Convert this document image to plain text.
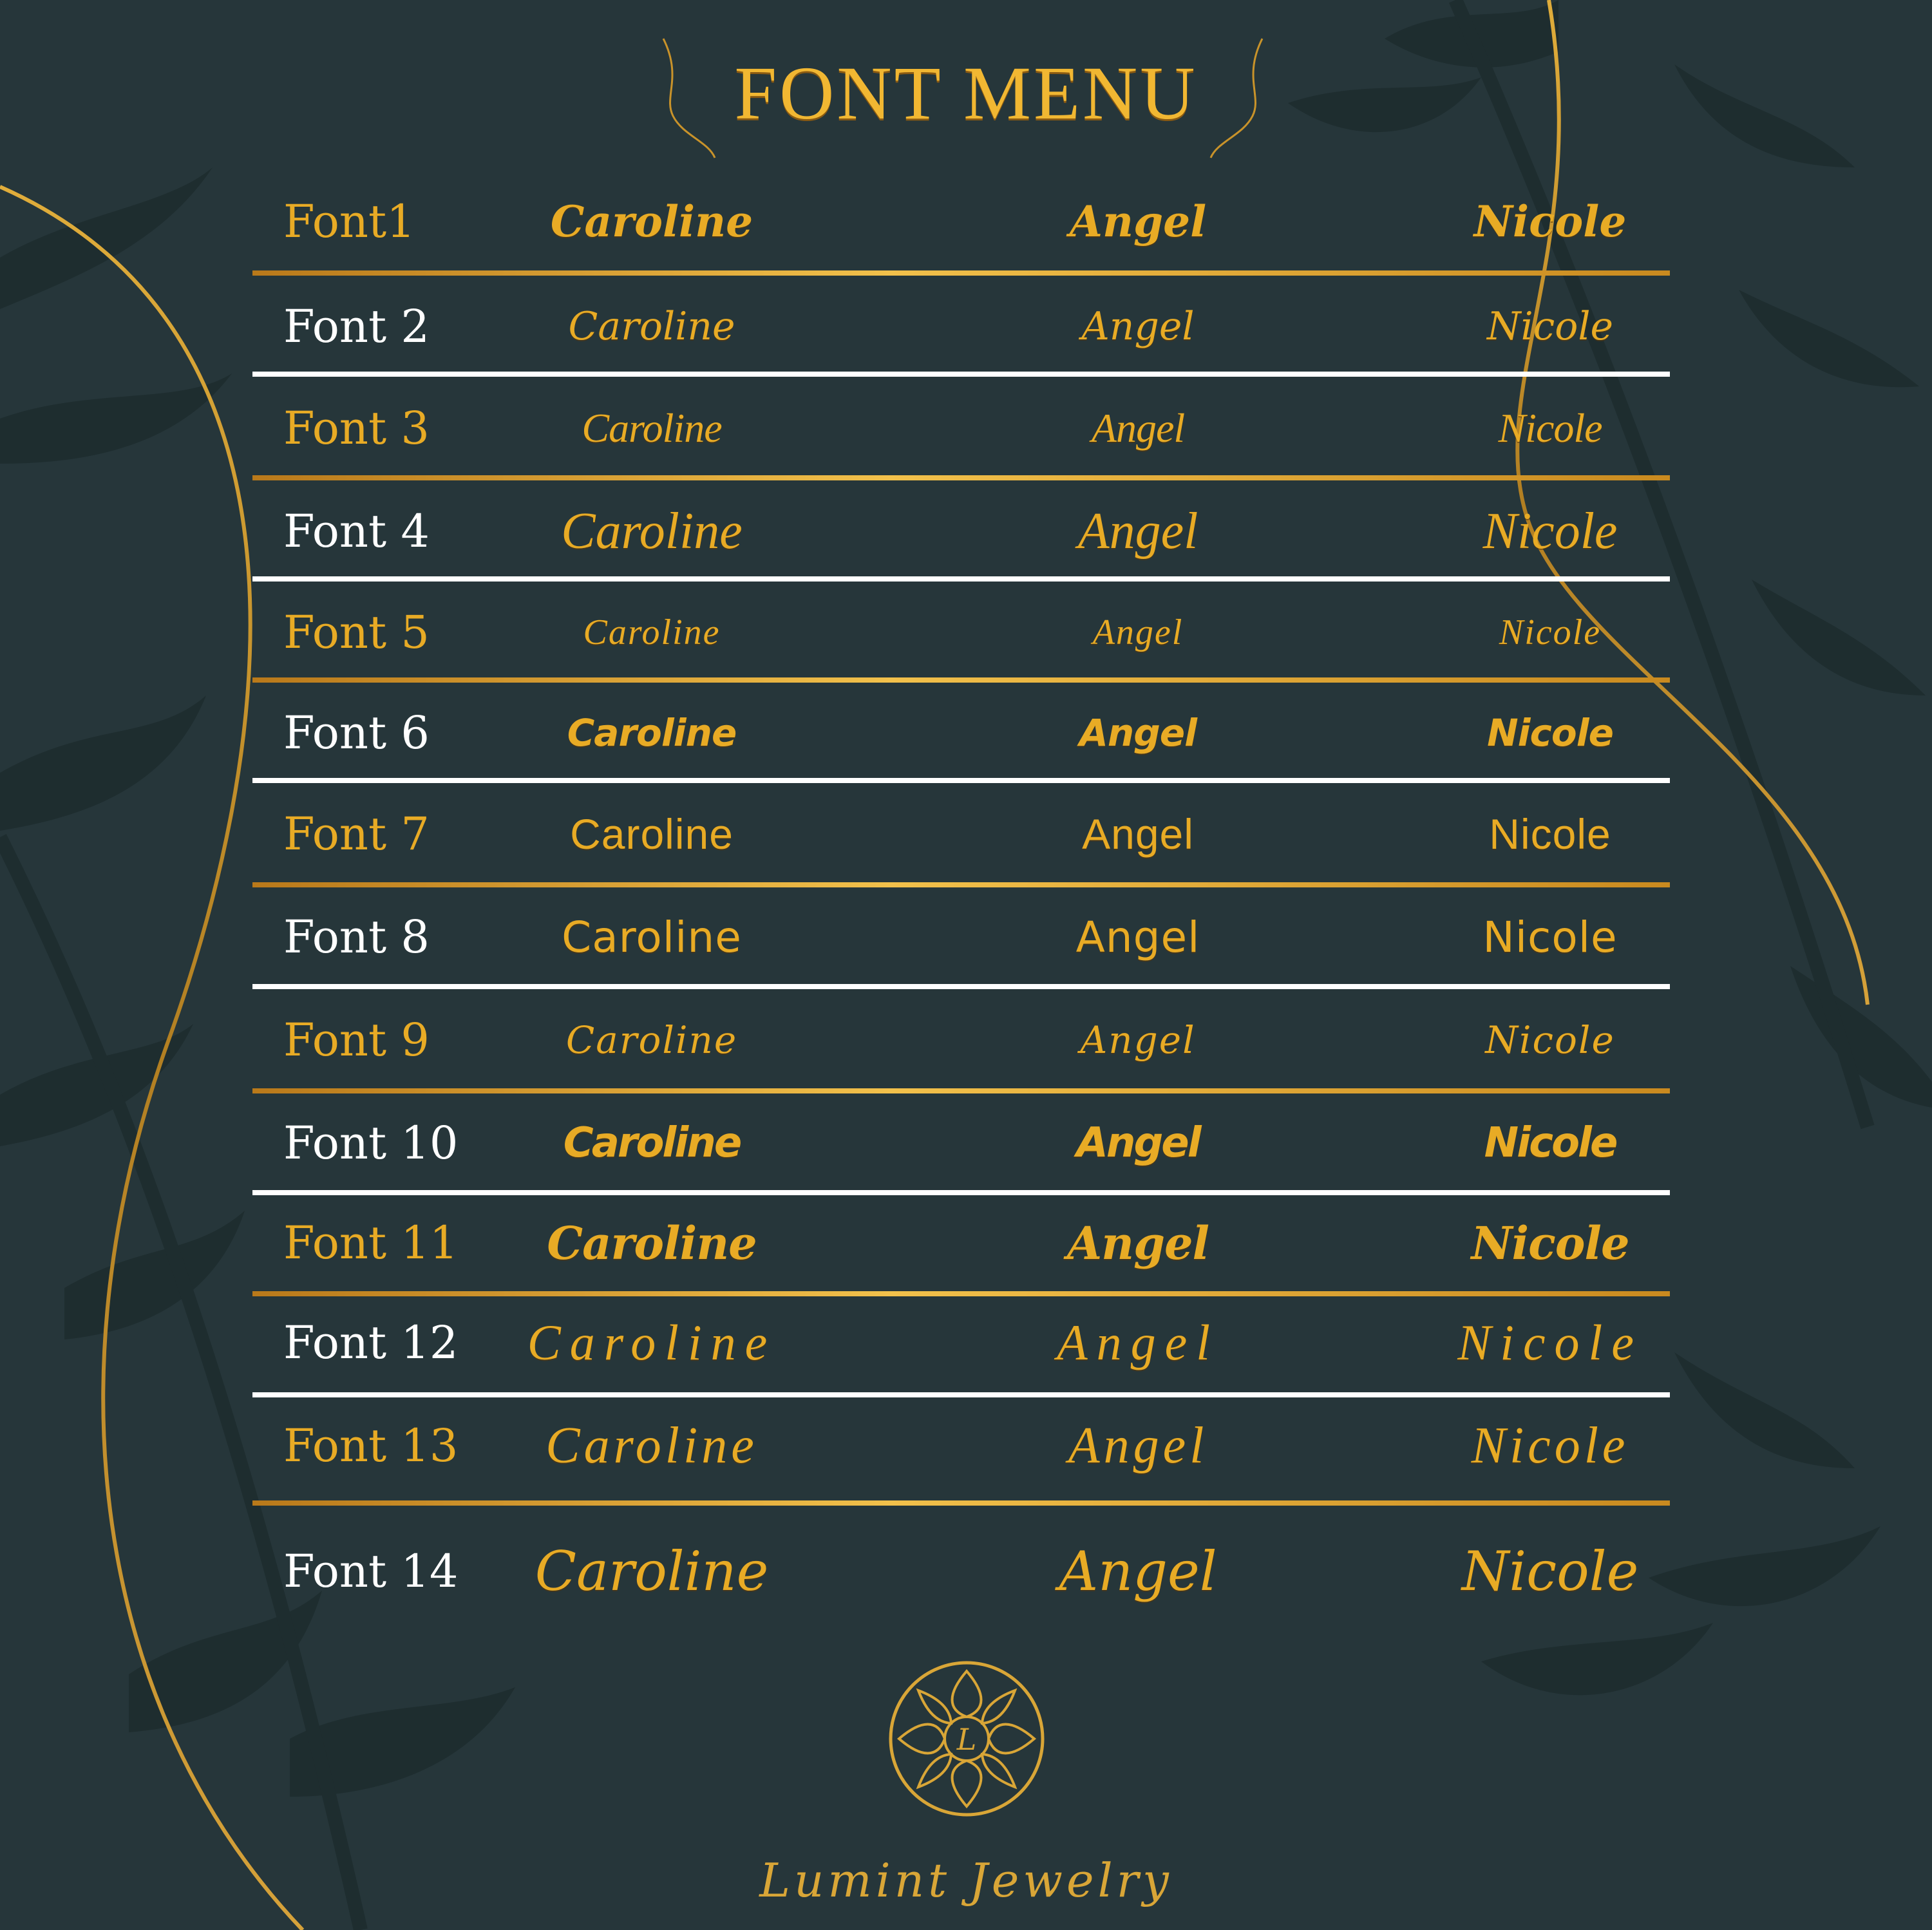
FONT MENU
Font1	Caroline	Angel	Nicole
Font 2	Caroline	Angel	Nicole
Font 3	Caroline	Angel	Nicole
Font 4	Caroline	Angel	Nicole
Font 5	Caroline	Angel	Nicole
Font 6	Caroline	Angel	Nicole
Font 7	Caroline	Angel	Nicole
Font 8	Caroline	Angel	Nicole
Font 9	Caroline	Angel	Nicole
Font 10	Caroline	Angel	Nicole
Font 11 Caroline	Angel	Nicole
Font 12 Caroline	Angel	Nicole
Font 13 Caroline	Angel	Nicole
Font 14 Caroline	Angel	Nicole
L
Lumint Jewelry
